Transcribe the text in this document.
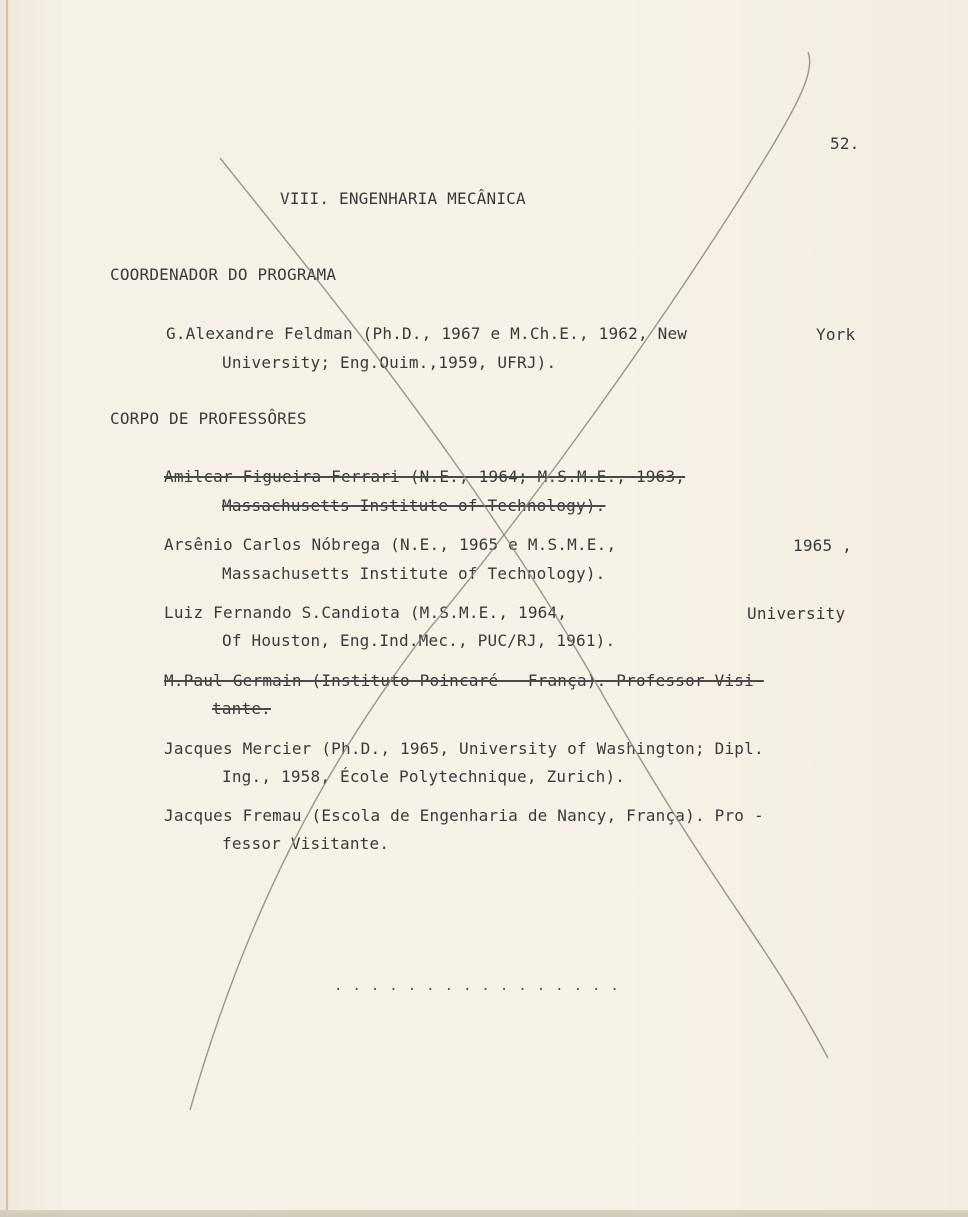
52.
VIII. ENGENHARIA MECÂNICA
COORDENADOR DO PROGRAMA
G.Alexandre Feldman (Ph.D., 1967 e M.Ch.E., 1962, New	York
University; Eng.Quim.,1959, UFRJ).
CORPO DE PROFESSÔRES
Amilcar Figueira Ferrari (N.E., 1964; M.S.M.E., 1963,
Massachusetts Institute of Technology).
Arsênio Carlos Nóbrega (N.E., 1965 e M.S.M.E.,	1965 ,
Massachusetts Institute of Technology).
Luiz Fernando S.Candiota (M.S.M.E., 1964,	University
Of Houston, Eng.Ind.Mec., PUC/RJ, 1961).
M.Paul Germain (Instituto Poincaré - França). Professor Visi-
tante.
Jacques Mercier (Ph.D., 1965, University of Washington; Dipl.
Ing., 1958, École Polytechnique, Zurich).
Jacques Fremau (Escola de Engenharia de Nancy, França). Pro -
fessor Visitante.
................
